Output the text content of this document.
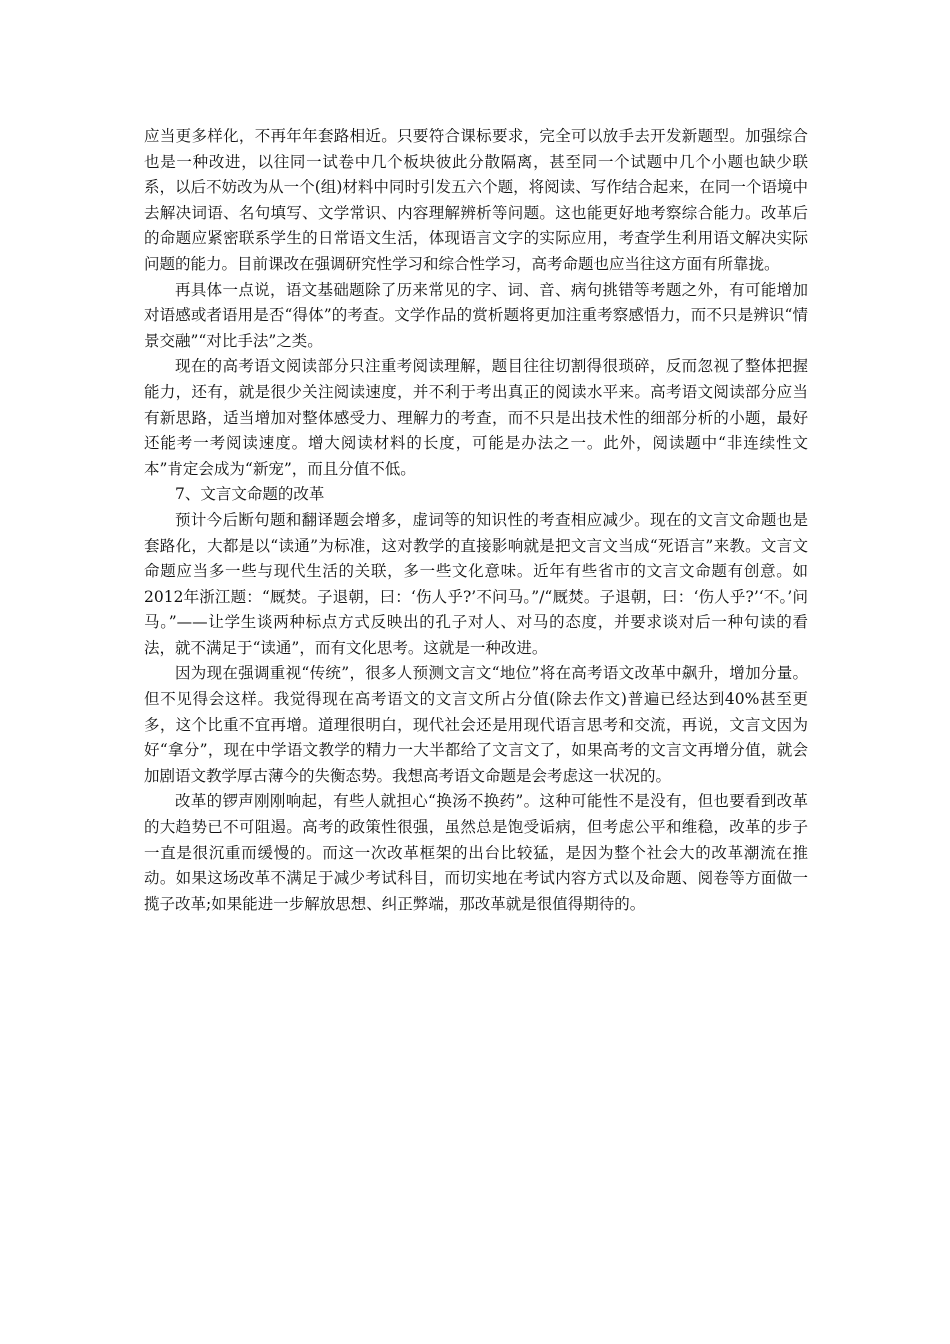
应当更多样化，不再年年套路相近。只要符合课标要求，完全可以放手去开发新题型。加强综合也是一种改进，以往同一试卷中几个板块彼此分散隔离，甚至同一个试题中几个小题也缺少联系，以后不妨改为从一个(组)材料中同时引发五六个题，将阅读、写作结合起来，在同一个语境中去解决词语、名句填写、文学常识、内容理解辨析等问题。这也能更好地考察综合能力。改革后的命题应紧密联系学生的日常语文生活，体现语言文字的实际应用，考查学生利用语文解决实际问题的能力。目前课改在强调研究性学习和综合性学习，高考命题也应当往这方面有所靠拢。

再具体一点说，语文基础题除了历来常见的字、词、音、病句挑错等考题之外，有可能增加对语感或者语用是否“得体”的考查。文学作品的赏析题将更加注重考察感悟力，而不只是辨识“情景交融”“对比手法”之类。

现在的高考语文阅读部分只注重考阅读理解，题目往往切割得很琐碎，反而忽视了整体把握能力，还有，就是很少关注阅读速度，并不利于考出真正的阅读水平来。高考语文阅读部分应当有新思路，适当增加对整体感受力、理解力的考查，而不只是出技术性的细部分析的小题，最好还能考一考阅读速度。增大阅读材料的长度，可能是办法之一。此外，阅读题中“非连续性文本”肯定会成为“新宠”，而且分值不低。

7、文言文命题的改革

预计今后断句题和翻译题会增多，虚词等的知识性的考查相应减少。现在的文言文命题也是套路化，大都是以“读通”为标准，这对教学的直接影响就是把文言文当成“死语言”来教。文言文命题应当多一些与现代生活的关联，多一些文化意味。近年有些省市的文言文命题有创意。如2012年浙江题：“厩焚。子退朝，曰：‘伤人乎?’不问马。”/“厩焚。子退朝，曰：‘伤人乎?’‘不。’问马。”——让学生谈两种标点方式反映出的孔子对人、对马的态度，并要求谈对后一种句读的看法，就不满足于“读通”，而有文化思考。这就是一种改进。

因为现在强调重视“传统”，很多人预测文言文“地位”将在高考语文改革中飙升，增加分量。但不见得会这样。我觉得现在高考语文的文言文所占分值(除去作文)普遍已经达到40%甚至更多，这个比重不宜再增。道理很明白，现代社会还是用现代语言思考和交流，再说，文言文因为好“拿分”，现在中学语文教学的精力一大半都给了文言文了，如果高考的文言文再增分值，就会加剧语文教学厚古薄今的失衡态势。我想高考语文命题是会考虑这一状况的。

改革的锣声刚刚响起，有些人就担心“换汤不换药”。这种可能性不是没有，但也要看到改革的大趋势已不可阻遏。高考的政策性很强，虽然总是饱受诟病，但考虑公平和维稳，改革的步子一直是很沉重而缓慢的。而这一次改革框架的出台比较猛，是因为整个社会大的改革潮流在推动。如果这场改革不满足于减少考试科目，而切实地在考试内容方式以及命题、阅卷等方面做一揽子改革;如果能进一步解放思想、纠正弊端，那改革就是很值得期待的。
